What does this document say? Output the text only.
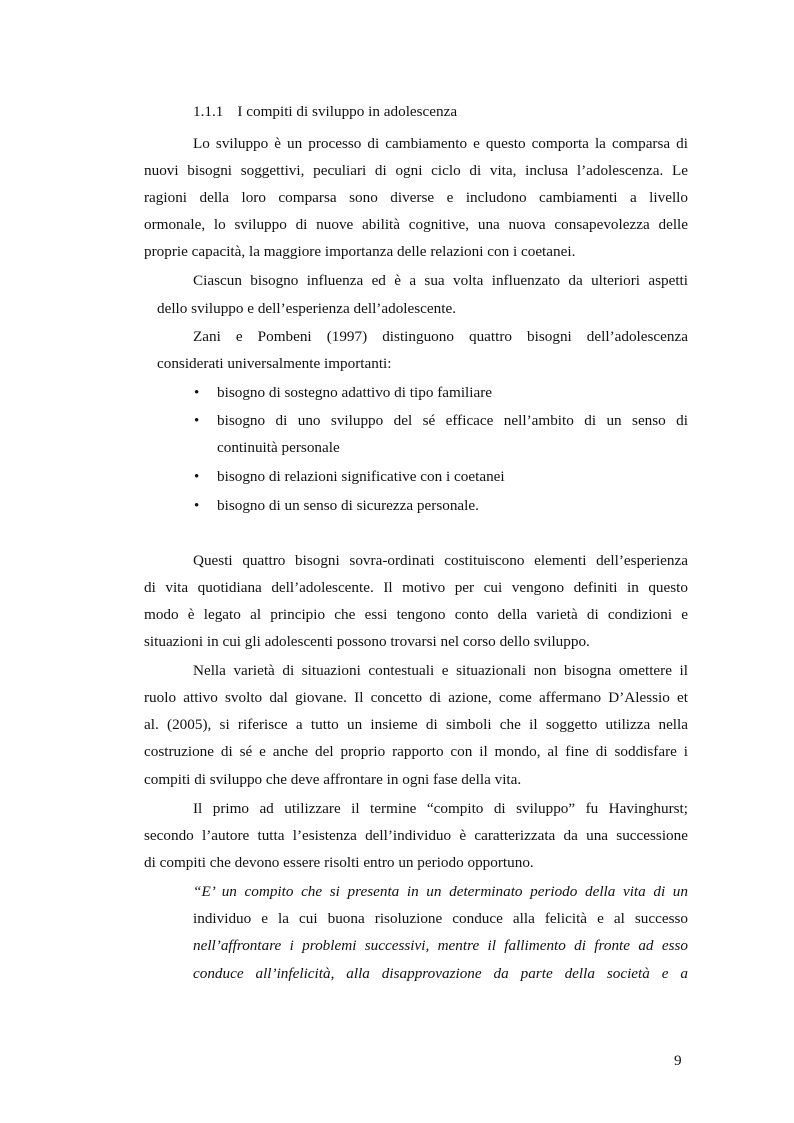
1.1.1 I compiti di sviluppo in adolescenza
Lo sviluppo è un processo di cambiamento e questo comporta la comparsa di
nuovi bisogni soggettivi, peculiari di ogni ciclo di vita, inclusa l’adolescenza. Le
ragioni della loro comparsa sono diverse e includono cambiamenti a livello
ormonale, lo sviluppo di nuove abilità cognitive, una nuova consapevolezza delle
proprie capacità, la maggiore importanza delle relazioni con i coetanei.
Ciascun bisogno influenza ed è a sua volta influenzato da ulteriori aspetti
dello sviluppo e dell’esperienza dell’adolescente.
Zani e Pombeni (1997) distinguono quattro bisogni dell’adolescenza
considerati universalmente importanti:
• bisogno di sostegno adattivo di tipo familiare
• bisogno di uno sviluppo del sé efficace nell’ambito di un senso di
continuità personale
• bisogno di relazioni significative con i coetanei
• bisogno di un senso di sicurezza personale.
Questi quattro bisogni sovra-ordinati costituiscono elementi dell’esperienza
di vita quotidiana dell’adolescente. Il motivo per cui vengono definiti in questo
modo è legato al principio che essi tengono conto della varietà di condizioni e
situazioni in cui gli adolescenti possono trovarsi nel corso dello sviluppo.
Nella varietà di situazioni contestuali e situazionali non bisogna omettere il
ruolo attivo svolto dal giovane. Il concetto di azione, come affermano D’Alessio et
al. (2005), si riferisce a tutto un insieme di simboli che il soggetto utilizza nella
costruzione di sé e anche del proprio rapporto con il mondo, al fine di soddisfare i
compiti di sviluppo che deve affrontare in ogni fase della vita.
Il primo ad utilizzare il termine “compito di sviluppo” fu Havinghurst;
secondo l’autore tutta l’esistenza dell’individuo è caratterizzata da una successione
di compiti che devono essere risolti entro un periodo opportuno.
“E’ un compito che si presenta in un determinato periodo della vita di un
individuo e la cui buona risoluzione conduce alla felicità e al successo
nell’affrontare i problemi successivi, mentre il fallimento di fronte ad esso
conduce all’infelicità, alla disapprovazione da parte della società e a
9
